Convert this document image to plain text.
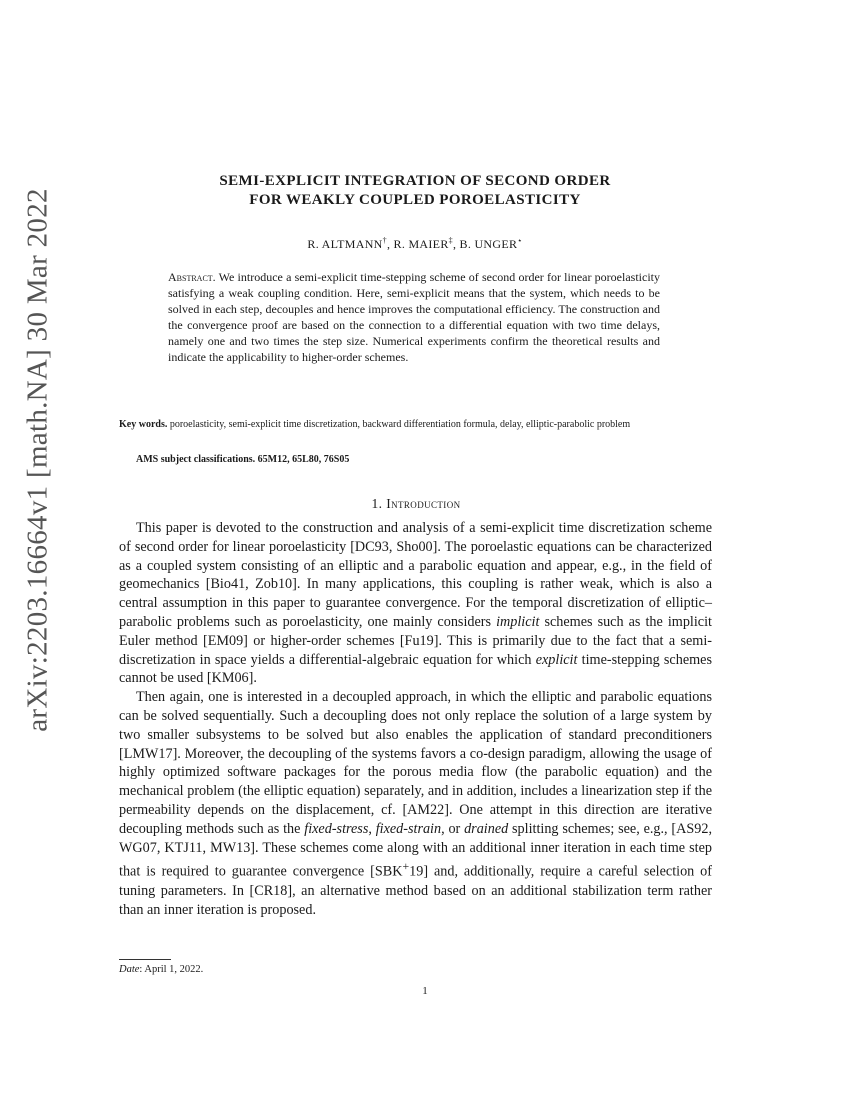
arXiv:2203.16664v1 [math.NA] 30 Mar 2022
SEMI-EXPLICIT INTEGRATION OF SECOND ORDER
FOR WEAKLY COUPLED POROELASTICITY
R. ALTMANN†, R. MAIER‡, B. UNGER⋆
Abstract. We introduce a semi-explicit time-stepping scheme of second order for linear poroelasticity satisfying a weak coupling condition. Here, semi-explicit means that the system, which needs to be solved in each step, decouples and hence improves the computational efficiency. The construction and the convergence proof are based on the connection to a differential equation with two time delays, namely one and two times the step size. Numerical experiments confirm the theoretical results and indicate the applicability to higher-order schemes.
Key words. poroelasticity, semi-explicit time discretization, backward differentiation formula, delay, elliptic-parabolic problem
AMS subject classifications. 65M12, 65L80, 76S05
1. Introduction

This paper is devoted to the construction and analysis of a semi-explicit time discretization scheme of second order for linear poroelasticity [DC93, Sho00]. The poroelastic equations can be characterized as a coupled system consisting of an elliptic and a parabolic equation and appear, e.g., in the field of geomechanics [Bio41, Zob10]. In many applications, this coupling is rather weak, which is also a central assumption in this paper to guarantee convergence. For the temporal discretization of elliptic–parabolic problems such as poroelasticity, one mainly considers implicit schemes such as the implicit Euler method [EM09] or higher-order schemes [Fu19]. This is primarily due to the fact that a semi-discretization in space yields a differential-algebraic equation for which explicit time-stepping schemes cannot be used [KM06].

Then again, one is interested in a decoupled approach, in which the elliptic and parabolic equations can be solved sequentially. Such a decoupling does not only replace the solution of a large system by two smaller subsystems to be solved but also enables the application of standard preconditioners [LMW17]. Moreover, the decoupling of the systems favors a co-design paradigm, allowing the usage of highly optimized software packages for the porous media flow (the parabolic equation) and the mechanical problem (the elliptic equation) separately, and in addition, includes a linearization step if the permeability depends on the displacement, cf. [AM22]. One attempt in this direction are iterative decoupling methods such as the fixed-stress, fixed-strain, or drained splitting schemes; see, e.g., [AS92, WG07, KTJ11, MW13]. These schemes come along with an additional inner iteration in each time step that is required to guarantee convergence [SBK+19] and, additionally, require a careful selection of tuning parameters. In [CR18], an alternative method based on an additional stabilization term rather than an inner iteration is proposed.

Date: April 1, 2022.
1
